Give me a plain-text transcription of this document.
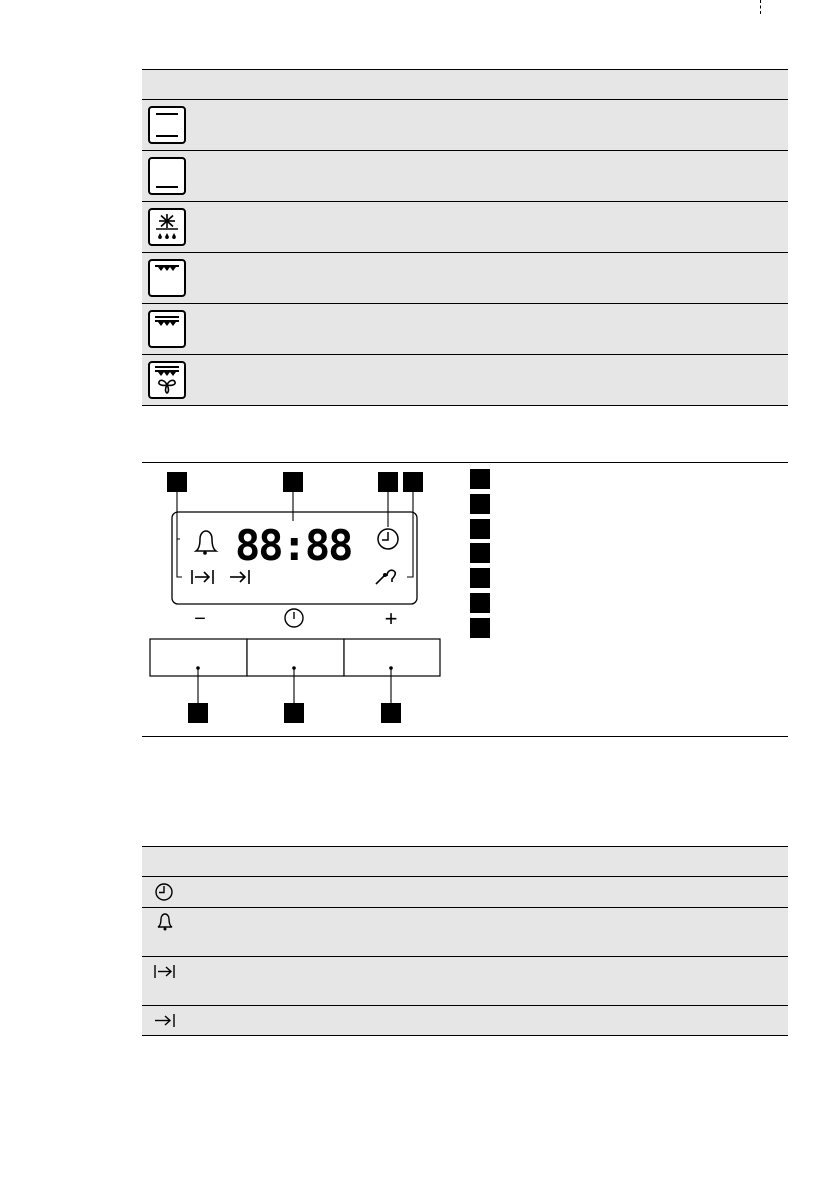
88:88
−	+
